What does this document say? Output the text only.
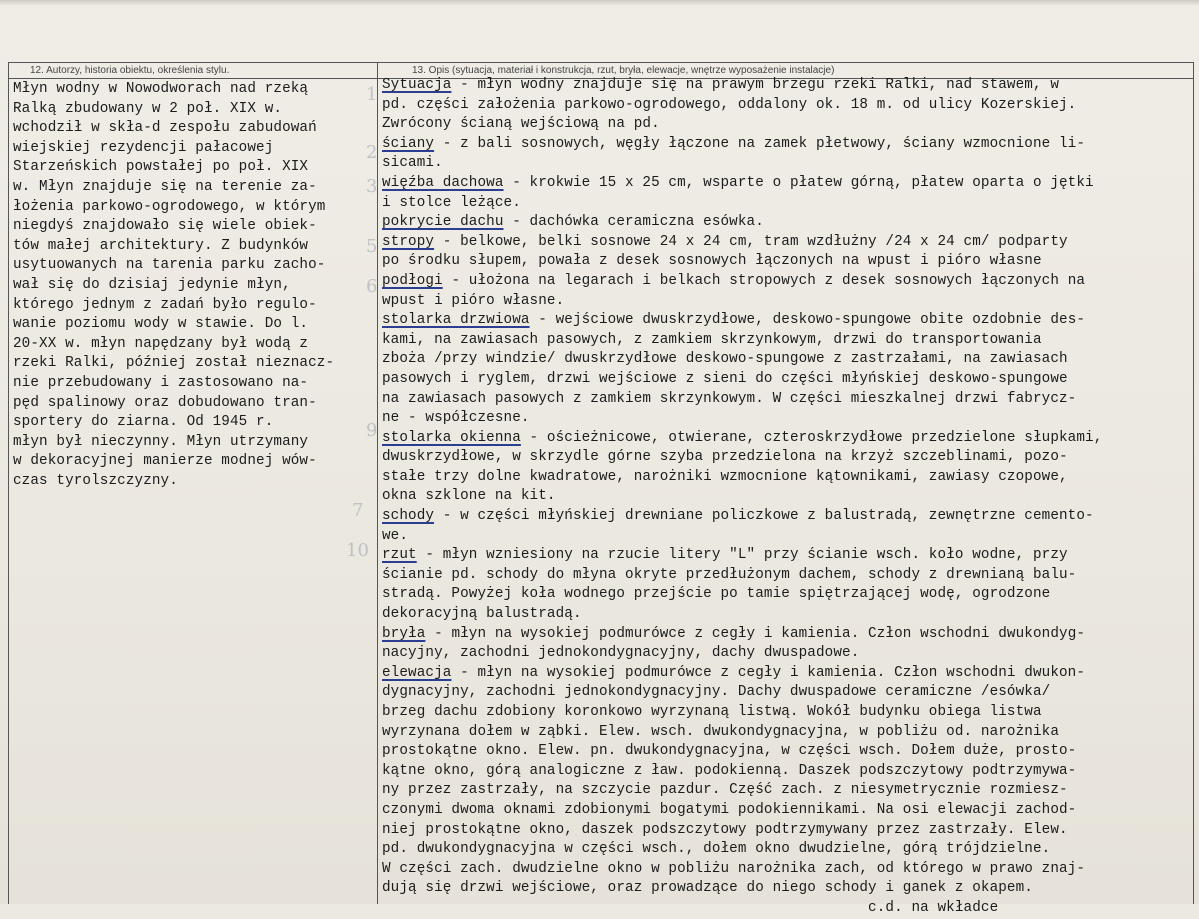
12. Autorzy, historia obiektu, określenia stylu.	13. Opis (sytuacja, materiał i konstrukcja, rzut, bryła, elewacje, wnętrze wyposażenie instalacje)
Młyn wodny w Nowodworach nad rzeką
Ralką zbudowany w 2 poł. XIX w.
wchodził w skła-d zespołu zabudowań
wiejskiej rezydencji pałacowej
Starzeńskich powstałej po poł. XIX
w. Młyn znajduje się na terenie za-
łożenia parkowo-ogrodowego, w którym
niegdyś znajdowało się wiele obiek-
tów małej architektury. Z budynków
usytuowanych na tarenia parku zacho-
wał się do dzisiaj jedynie młyn,
którego jednym z zadań było regulo-
wanie poziomu wody w stawie. Do l.
20-XX w. młyn napędzany był wodą z
rzeki Ralki, później został nieznacz-
nie przebudowany i zastosowano na-
pęd spalinowy oraz dobudowano tran-
sportery do ziarna. Od 1945 r.
młyn był nieczynny. Młyn utrzymany
w dekoracyjnej manierze modnej wów-
czas tyrolszczyzny.
Sytuacja - młyn wodny znajduje się na prawym brzegu rzeki Ralki, nad stawem, w
pd. części założenia parkowo-ogrodowego, oddalony ok. 18 m. od ulicy Kozerskiej.
Zwrócony ścianą wejściową na pd.
ściany - z bali sosnowych, węgły łączone na zamek płetwowy, ściany wzmocnione li-
sicami.
więźba dachowa - krokwie 15 x 25 cm, wsparte o płatew górną, płatew oparta o jętki
i stolce leżące.
pokrycie dachu - dachówka ceramiczna esówka.
stropy - belkowe, belki sosnowe 24 x 24 cm, tram wzdłużny /24 x 24 cm/ podparty
po środku słupem, powała z desek sosnowych łączonych na wpust i pióro własne
podłogi - ułożona na legarach i belkach stropowych z desek sosnowych łączonych na
wpust i pióro własne.
stolarka drzwiowa - wejściowe dwuskrzydłowe, deskowo-spungowe obite ozdobnie des-
kami, na zawiasach pasowych, z zamkiem skrzynkowym, drzwi do transportowania
zboża /przy windzie/ dwuskrzydłowe deskowo-spungowe z zastrzałami, na zawiasach
pasowych i ryglem, drzwi wejściowe z sieni do części młyńskiej deskowo-spungowe
na zawiasach pasowych z zamkiem skrzynkowym. W części mieszkalnej drzwi fabrycz-
ne - współczesne.
stolarka okienna - ościeżnicowe, otwierane, czteroskrzydłowe przedzielone słupkami,
dwuskrzydłowe, w skrzydle górne szyba przedzielona na krzyż szczeblinami, pozo-
stałe trzy dolne kwadratowe, narożniki wzmocnione kątownikami, zawiasy czopowe,
okna szklone na kit.
schody - w części młyńskiej drewniane policzkowe z balustradą, zewnętrzne cemento-
we.
rzut - młyn wzniesiony na rzucie litery "L" przy ścianie wsch. koło wodne, przy
ścianie pd. schody do młyna okryte przedłużonym dachem, schody z drewnianą balu-
stradą. Powyżej koła wodnego przejście po tamie spiętrzającej wodę, ogrodzone
dekoracyjną balustradą.
bryła - młyn na wysokiej podmurówce z cegły i kamienia. Człon wschodni dwukondyg-
nacyjny, zachodni jednokondygnacyjny, dachy dwuspadowe.
elewacja - młyn na wysokiej podmurówce z cegły i kamienia. Człon wschodni dwukon-
dygnacyjny, zachodni jednokondygnacyjny. Dachy dwuspadowe ceramiczne /esówka/
brzeg dachu zdobiony koronkowo wyrzynaną listwą. Wokół budynku obiega listwa
wyrzynana dołem w ząbki. Elew. wsch. dwukondygnacyjna, w pobliżu od. narożnika
prostokątne okno. Elew. pn. dwukondygnacyjna, w części wsch. Dołem duże, prosto-
kątne okno, górą analogiczne z ław. podokienną. Daszek podszczytowy podtrzymywa-
ny przez zastrzały, na szczycie pazdur. Część zach. z niesymetrycznie rozmiesz-
czonymi dwoma oknami zdobionymi bogatymi podokiennikami. Na osi elewacji zachod-
niej prostokątne okno, daszek podszczytowy podtrzymywany przez zastrzały. Elew.
pd. dwukondygnacyjna w części wsch., dołem okno dwudzielne, górą trójdzielne.
W części zach. dwudzielne okno w pobliżu narożnika zach, od którego w prawo znaj-
dują się drzwi wejściowe, oraz prowadzące do niego schody i ganek z okapem.
c.d. na wkładce
1
2
3
5
6
9
7
10
